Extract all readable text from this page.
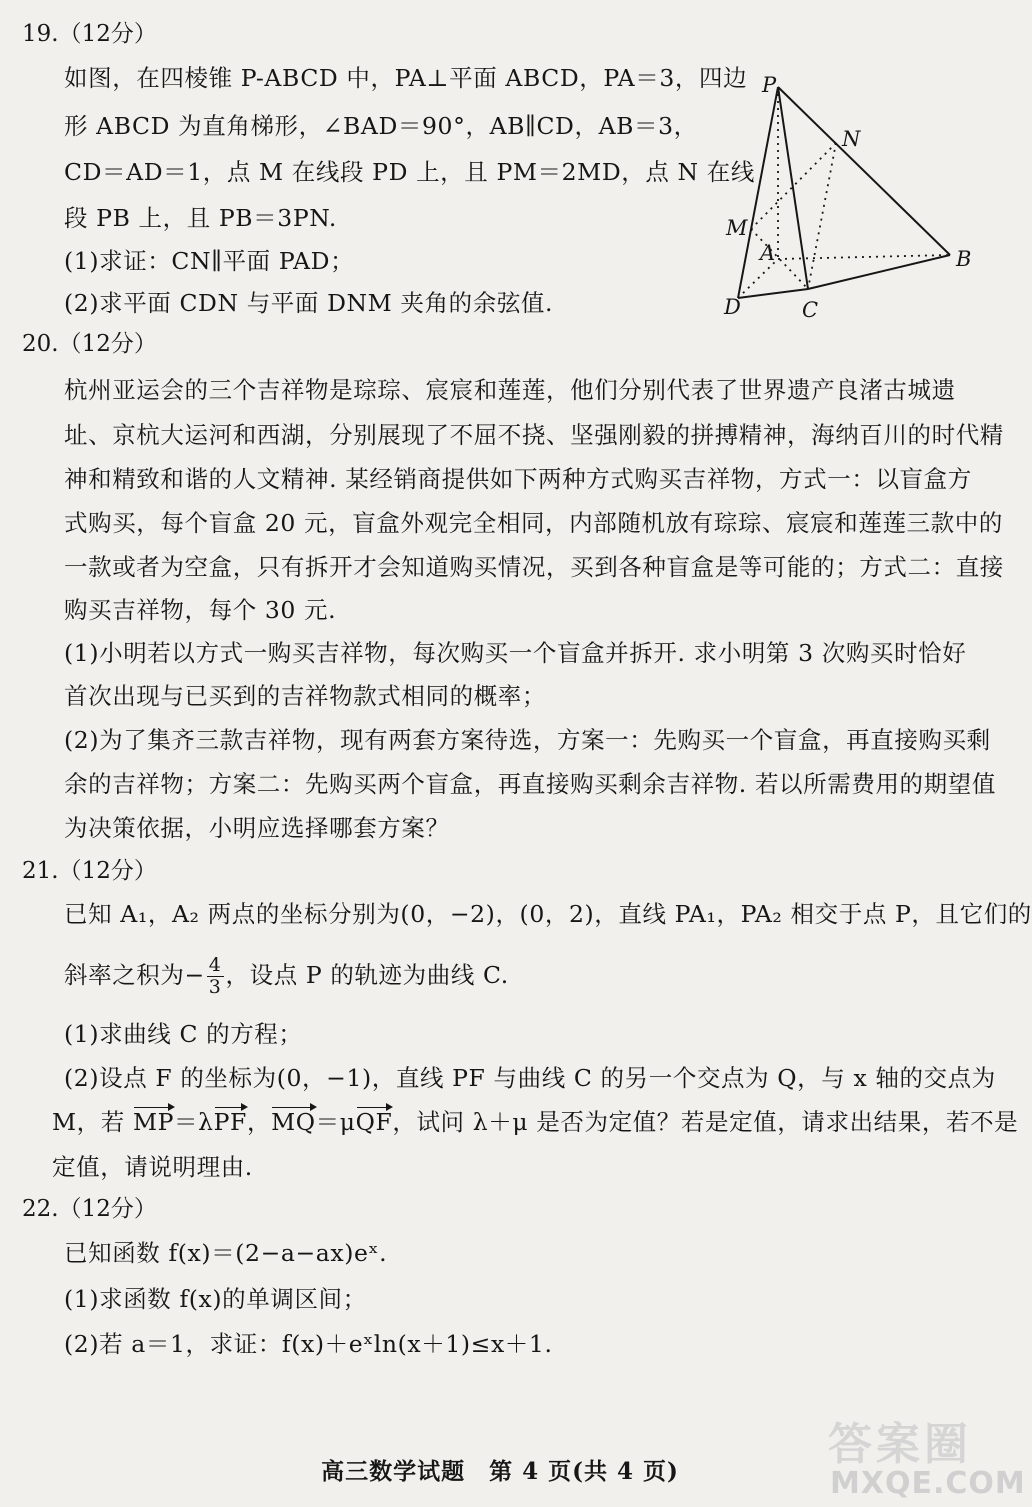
19.（12分）
如图，在四棱锥 P-ABCD 中，PA⊥平面 ABCD，PA＝3，四边
形 ABCD 为直角梯形，∠BAD＝90°，AB∥CD，AB＝3，
CD＝AD＝1，点 M 在线段 PD 上，且 PM＝2MD，点 N 在线
段 PB 上，且 PB＝3PN.
(1)求证：CN∥平面 PAD；
(2)求平面 CDN 与平面 DNM 夹角的余弦值.
P
N
M
A	B
D	C
20.（12分）
杭州亚运会的三个吉祥物是琮琮、宸宸和莲莲，他们分别代表了世界遗产良渚古城遗
址、京杭大运河和西湖，分别展现了不屈不挠、坚强刚毅的拼搏精神，海纳百川的时代精
神和精致和谐的人文精神. 某经销商提供如下两种方式购买吉祥物，方式一：以盲盒方
式购买，每个盲盒 20 元，盲盒外观完全相同，内部随机放有琮琮、宸宸和莲莲三款中的
一款或者为空盒，只有拆开才会知道购买情况，买到各种盲盒是等可能的；方式二：直接
购买吉祥物，每个 30 元.
(1)小明若以方式一购买吉祥物，每次购买一个盲盒并拆开. 求小明第 3 次购买时恰好
首次出现与已买到的吉祥物款式相同的概率；
(2)为了集齐三款吉祥物，现有两套方案待选，方案一：先购买一个盲盒，再直接购买剩
余的吉祥物；方案二：先购买两个盲盒，再直接购买剩余吉祥物. 若以所需费用的期望值
为决策依据，小明应选择哪套方案？
21.（12分）
已知 A₁，A₂ 两点的坐标分别为(0，−2)，(0，2)，直线 PA₁，PA₂ 相交于点 P，且它们的
斜率之积为− $\frac{4}{3}$ ，设点 P 的轨迹为曲线 C.
(1)求曲线 C 的方程；
(2)设点 F 的坐标为(0，−1)，直线 PF 与曲线 C 的另一个交点为 Q，与 x 轴的交点为
M，若 MP＝λPF，MQ＝μQF，试问 λ＋μ 是否为定值？若是定值，请求出结果，若不是
定值，请说明理由.
22.（12分）
已知函数 f(x)＝(2−a−ax)eˣ.
(1)求函数 f(x)的单调区间；
(2)若 a＝1，求证：f(x)＋eˣln(x＋1)≤x＋1.
高三数学试题　第 4 页(共 4 页)
答案圈
MXQE.COM
